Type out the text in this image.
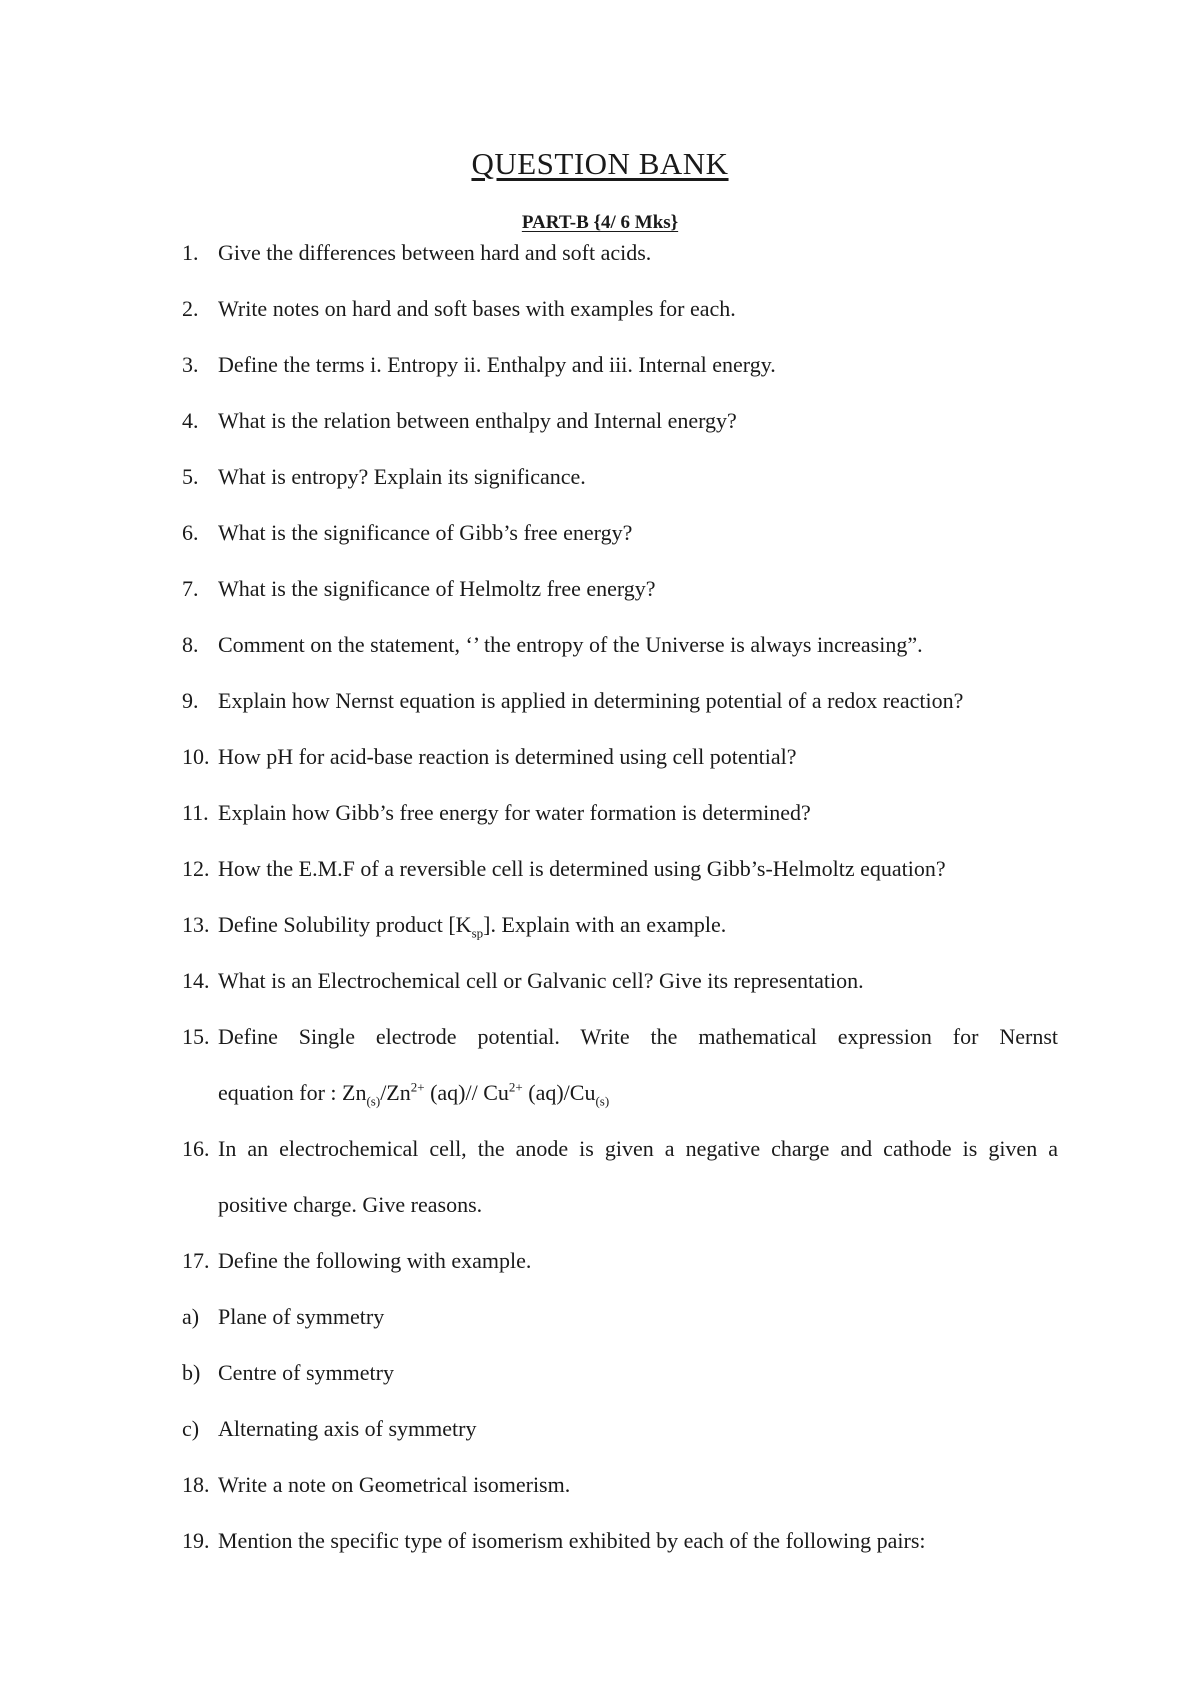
QUESTION BANK
PART-B {4/ 6 Mks}
1. Give the differences between hard and soft acids.
2. Write notes on hard and soft bases with examples for each.
3. Define the terms i. Entropy ii. Enthalpy and iii. Internal energy.
4. What is the relation between enthalpy and Internal energy?
5. What is entropy? Explain its significance.
6. What is the significance of Gibb’s free energy?
7. What is the significance of Helmoltz free energy?
8. Comment on the statement, ‘’ the entropy of the Universe is always increasing”.
9. Explain how Nernst equation is applied in determining potential of a redox reaction?
10. How pH for acid-base reaction is determined using cell potential?
11. Explain how Gibb’s free energy for water formation is determined?
12. How the E.M.F of a reversible cell is determined using Gibb’s-Helmoltz equation?
13. Define Solubility product $[K_{sp}]$. Explain with an example.
14. What is an Electrochemical cell or Galvanic cell? Give its representation.
15. Define Single electrode potential. Write the mathematical expression for Nernst
equation for : $Zn_{(s)}/Zn^{2+}$ (aq)// $Cu^{2+}$ $(aq)/Cu_{(s)}$
16. In an electrochemical cell, the anode is given a negative charge and cathode is given a
positive charge. Give reasons.
17. Define the following with example.
a) Plane of symmetry
b) Centre of symmetry
c) Alternating axis of symmetry
18. Write a note on Geometrical isomerism.
19. Mention the specific type of isomerism exhibited by each of the following pairs:
